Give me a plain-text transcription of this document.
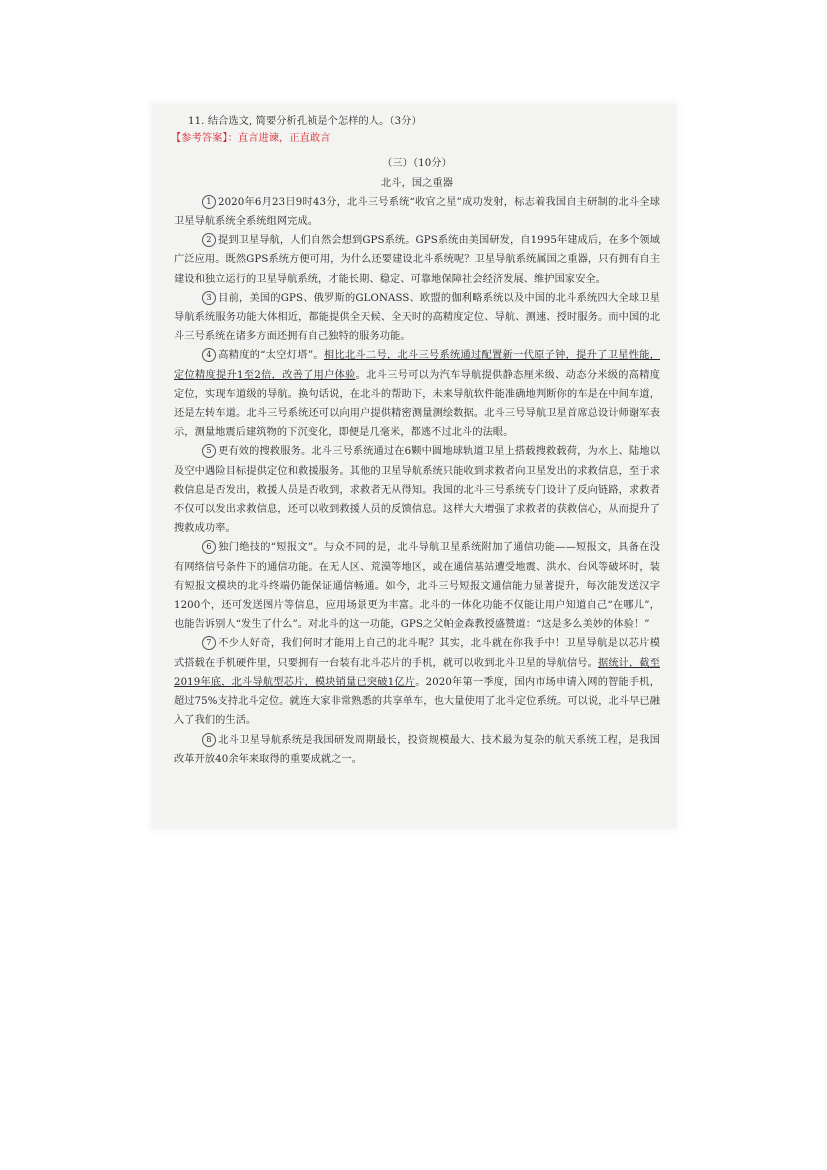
11. 结合选文, 简要分析孔祯是个怎样的人。（3分）
【参考答案】：直言进谏，正直敢言
（三）（10分）
北斗，国之重器

1 2020年6月23日9时43分，北斗三号系统“收官之星”成功发射，标志着我国自主研制的北斗全球卫星导航系统全系统组网完成。

2 提到卫星导航，人们自然会想到GPS系统。GPS系统由美国研发，自1995年建成后，在多个领域广泛应用。既然GPS系统方便可用，为什么还要建设北斗系统呢？卫星导航系统属国之重器，只有拥有自主建设和独立运行的卫星导航系统，才能长期、稳定、可靠地保障社会经济发展、维护国家安全。

3 目前，美国的GPS、俄罗斯的GLONASS、欧盟的伽利略系统以及中国的北斗系统四大全球卫星导航系统服务功能大体相近，都能提供全天候、全天时的高精度定位、导航、测速、授时服务。而中国的北斗三号系统在诸多方面还拥有自己独特的服务功能。

4 高精度的“太空灯塔”。相比北斗二号，北斗三号系统通过配置新一代原子钟，提升了卫星性能，定位精度提升1至2倍，改善了用户体验。北斗三号可以为汽车导航提供静态厘米级、动态分米级的高精度定位，实现车道级的导航。换句话说，在北斗的帮助下，未来导航软件能准确地判断你的车是在中间车道，还是左转车道。北斗三号系统还可以向用户提供精密测量测绘数据。北斗三号导航卫星首席总设计师谢军表示，测量地震后建筑物的下沉变化，即便是几毫米，都逃不过北斗的法眼。

5 更有效的搜救服务。北斗三号系统通过在6颗中圆地球轨道卫星上搭载搜救载荷，为水上、陆地以及空中遇险目标提供定位和救援服务。其他的卫星导航系统只能收到求救者向卫星发出的求救信息，至于求救信息是否发出，救援人员是否收到，求救者无从得知。我国的北斗三号系统专门设计了反向链路，求救者不仅可以发出求救信息，还可以收到救援人员的反馈信息。这样大大增强了求救者的获救信心，从而提升了搜救成功率。

6 独门绝技的“短报文”。与众不同的是，北斗导航卫星系统附加了通信功能——短报文，具备在没有网络信号条件下的通信功能。在无人区、荒漠等地区，或在通信基站遭受地震、洪水、台风等破坏时，装有短报文模块的北斗终端仍能保证通信畅通。如今，北斗三号短报文通信能力显著提升，每次能发送汉字1200个，还可发送图片等信息，应用场景更为丰富。北斗的一体化功能不仅能让用户知道自己“在哪儿”，也能告诉别人“发生了什么”。对北斗的这一功能，GPS之父帕金森教授盛赞道：“这是多么美妙的体验！”

7 不少人好奇，我们何时才能用上自己的北斗呢？其实，北斗就在你我手中！卫星导航是以芯片模式搭载在手机硬件里，只要拥有一台装有北斗芯片的手机，就可以收到北斗卫星的导航信号。据统计，截至2019年底，北斗导航型芯片，模块销量已突破1亿片。2020年第一季度，国内市场申请入网的智能手机，超过75%支持北斗定位。就连大家非常熟悉的共享单车，也大量使用了北斗定位系统。可以说，北斗早已融入了我们的生活。

8 北斗卫星导航系统是我国研发周期最长，投资规模最大、技术最为复杂的航天系统工程，是我国改革开放40余年来取得的重要成就之一。
